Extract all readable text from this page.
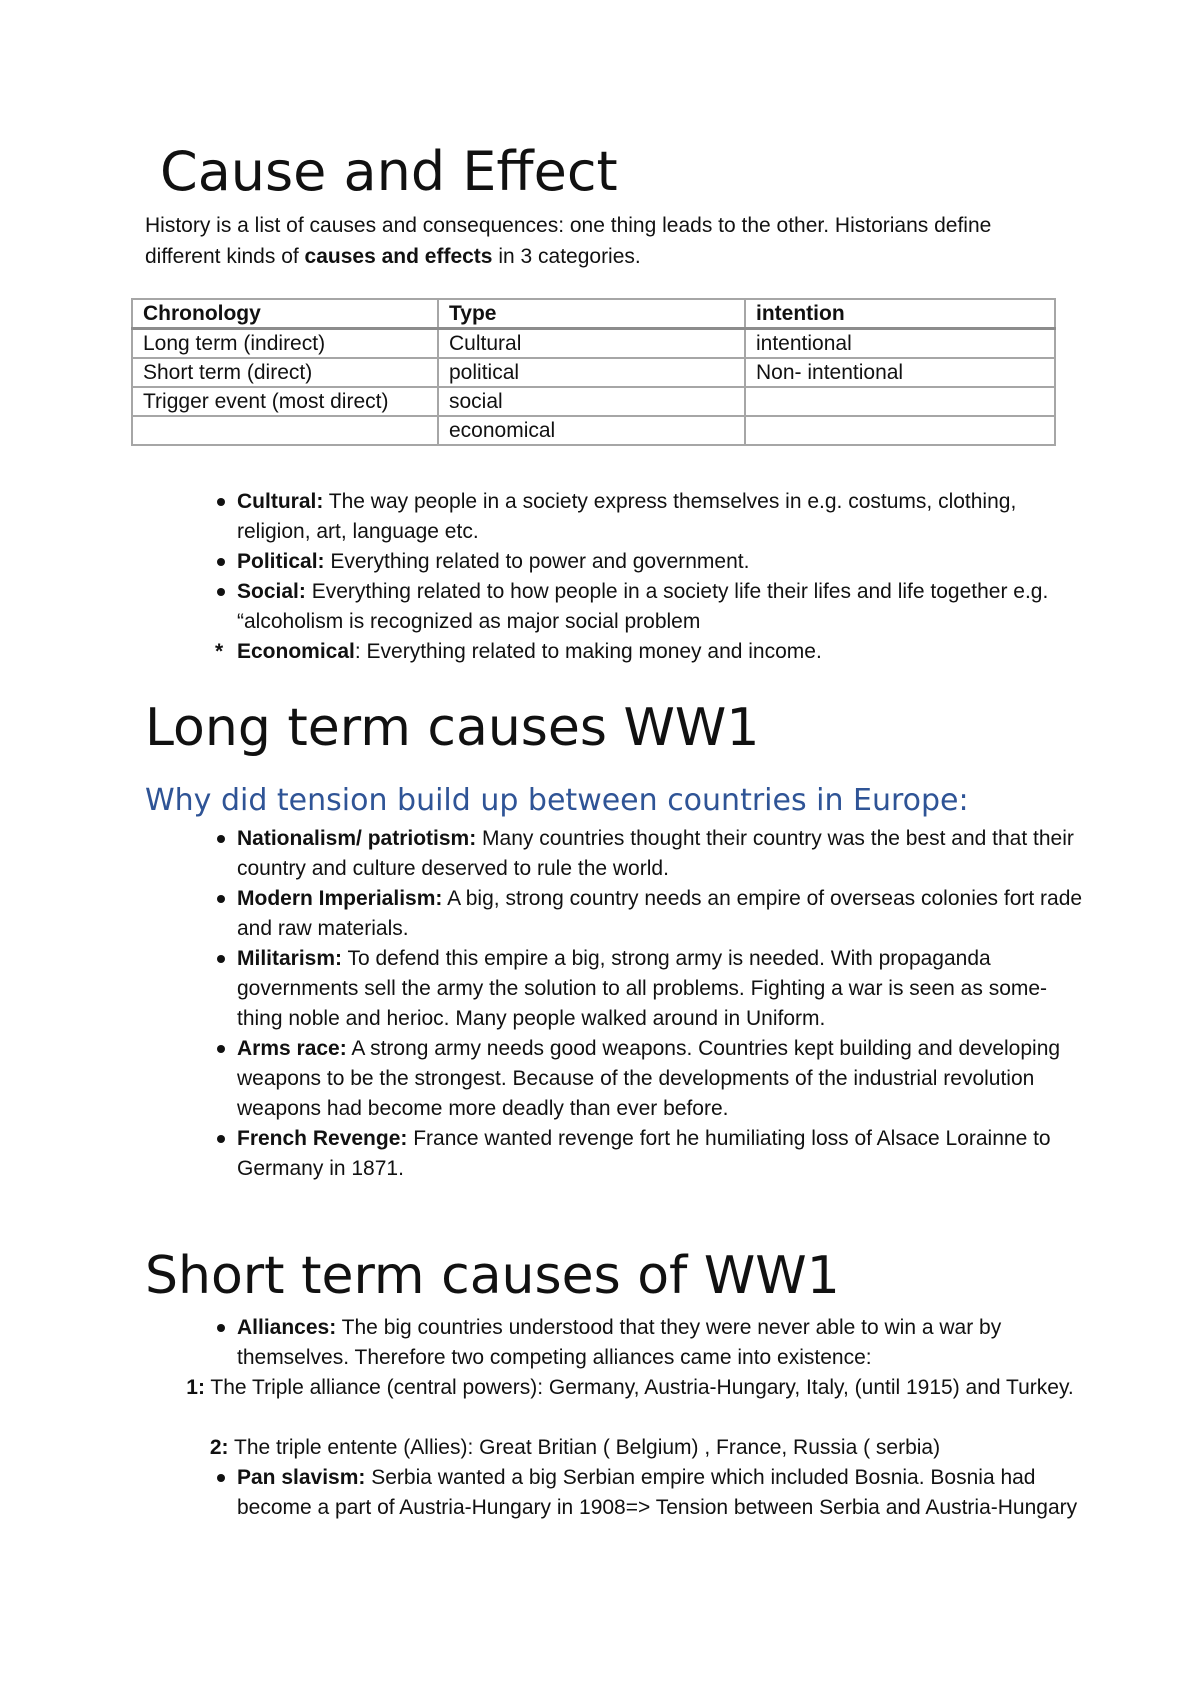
Cause and Effect

History is a list of causes and consequences: one thing leads to the other. Historians define different kinds of causes and effects in 3 categories.

Chronology	Type	intention
Long term (indirect)	Cultural	intentional
Short term (direct)	political	Non- intentional
Trigger event (most direct)	social	
	economical	
Cultural: The way people in a society express themselves in e.g. costums, clothing, religion, art, language etc.
Political: Everything related to power and government.
Social: Everything related to how people in a society life their lifes and life together e.g. “alcoholism is recognized as major social problem
* Economical: Everything related to making money and income.
Long term causes WW1
Why did tension build up between countries in Europe:
Nationalism/ patriotism: Many countries thought their country was the best and that their country and culture deserved to rule the world.
Modern Imperialism: A big, strong country needs an empire of overseas colonies fort rade and raw materials.
Militarism: To defend this empire a big, strong army is needed. With propaganda governments sell the army the solution to all problems. Fighting a war is seen as some-thing noble and herioc. Many people walked around in Uniform.
Arms race: A strong army needs good weapons. Countries kept building and developing weapons to be the strongest. Because of the developments of the industrial revolution weapons had become more deadly than ever before.
French Revenge: France wanted revenge fort he humiliating loss of Alsace Lorainne to Germany in 1871.
Short term causes of WW1
Alliances: The big countries understood that they were never able to win a war by themselves. Therefore two competing alliances came into existence:

1: The Triple alliance (central powers): Germany, Austria-Hungary, Italy, (until 1915) and Turkey.

2: The triple entente (Allies): Great Britian ( Belgium) , France, Russia ( serbia)

Pan slavism: Serbia wanted a big Serbian empire which included Bosnia. Bosnia had become a part of Austria-Hungary in 1908=> Tension between Serbia and Austria-Hungary
